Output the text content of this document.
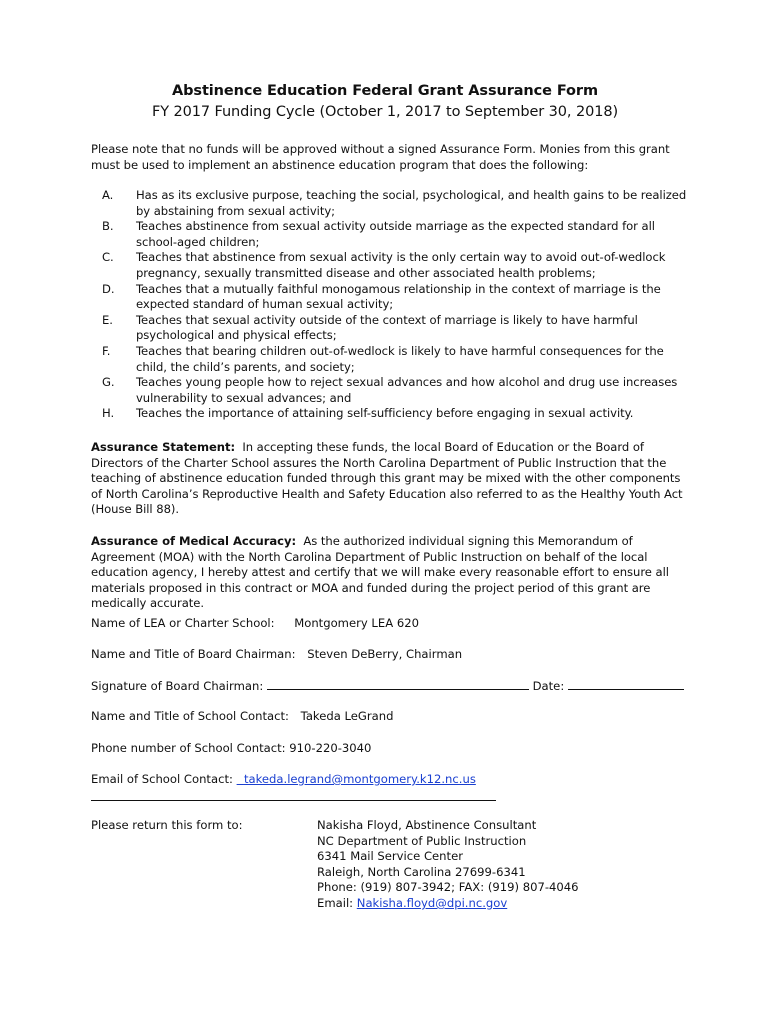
Abstinence Education Federal Grant Assurance Form
FY 2017 Funding Cycle (October 1, 2017 to September 30, 2018)
Please note that no funds will be approved without a signed Assurance Form. Monies from this grant must be used to implement an abstinence education program that does the following:
A. Has as its exclusive purpose, teaching the social, psychological, and health gains to be realized by abstaining from sexual activity;
B. Teaches abstinence from sexual activity outside marriage as the expected standard for all school-aged children;
C. Teaches that abstinence from sexual activity is the only certain way to avoid out-of-wedlock pregnancy, sexually transmitted disease and other associated health problems;
D. Teaches that a mutually faithful monogamous relationship in the context of marriage is the expected standard of human sexual activity;
E. Teaches that sexual activity outside of the context of marriage is likely to have harmful psychological and physical effects;
F. Teaches that bearing children out-of-wedlock is likely to have harmful consequences for the child, the child’s parents, and society;
G. Teaches young people how to reject sexual advances and how alcohol and drug use increases vulnerability to sexual advances; and
H. Teaches the importance of attaining self-sufficiency before engaging in sexual activity.
Assurance Statement: In accepting these funds, the local Board of Education or the Board of Directors of the Charter School assures the North Carolina Department of Public Instruction that the teaching of abstinence education funded through this grant may be mixed with the other components of North Carolina’s Reproductive Health and Safety Education also referred to as the Healthy Youth Act (House Bill 88).
Assurance of Medical Accuracy: As the authorized individual signing this Memorandum of Agreement (MOA) with the North Carolina Department of Public Instruction on behalf of the local education agency, I hereby attest and certify that we will make every reasonable effort to ensure all materials proposed in this contract or MOA and funded during the project period of this grant are medically accurate.
Name of LEA or Charter School: Montgomery LEA 620
Name and Title of Board Chairman: Steven DeBerry, Chairman
Signature of Board Chairman:	Date:
Name and Title of School Contact: Takeda LeGrand
Phone number of School Contact: 910-220-3040
Email of School Contact: takeda.legrand@montgomery.k12.nc.us
Please return this form to:	Nakisha Floyd, Abstinence Consultant
NC Department of Public Instruction
6341 Mail Service Center
Raleigh, North Carolina 27699-6341
Phone: (919) 807-3942; FAX: (919) 807-4046
Email: Nakisha.floyd@dpi.nc.gov
